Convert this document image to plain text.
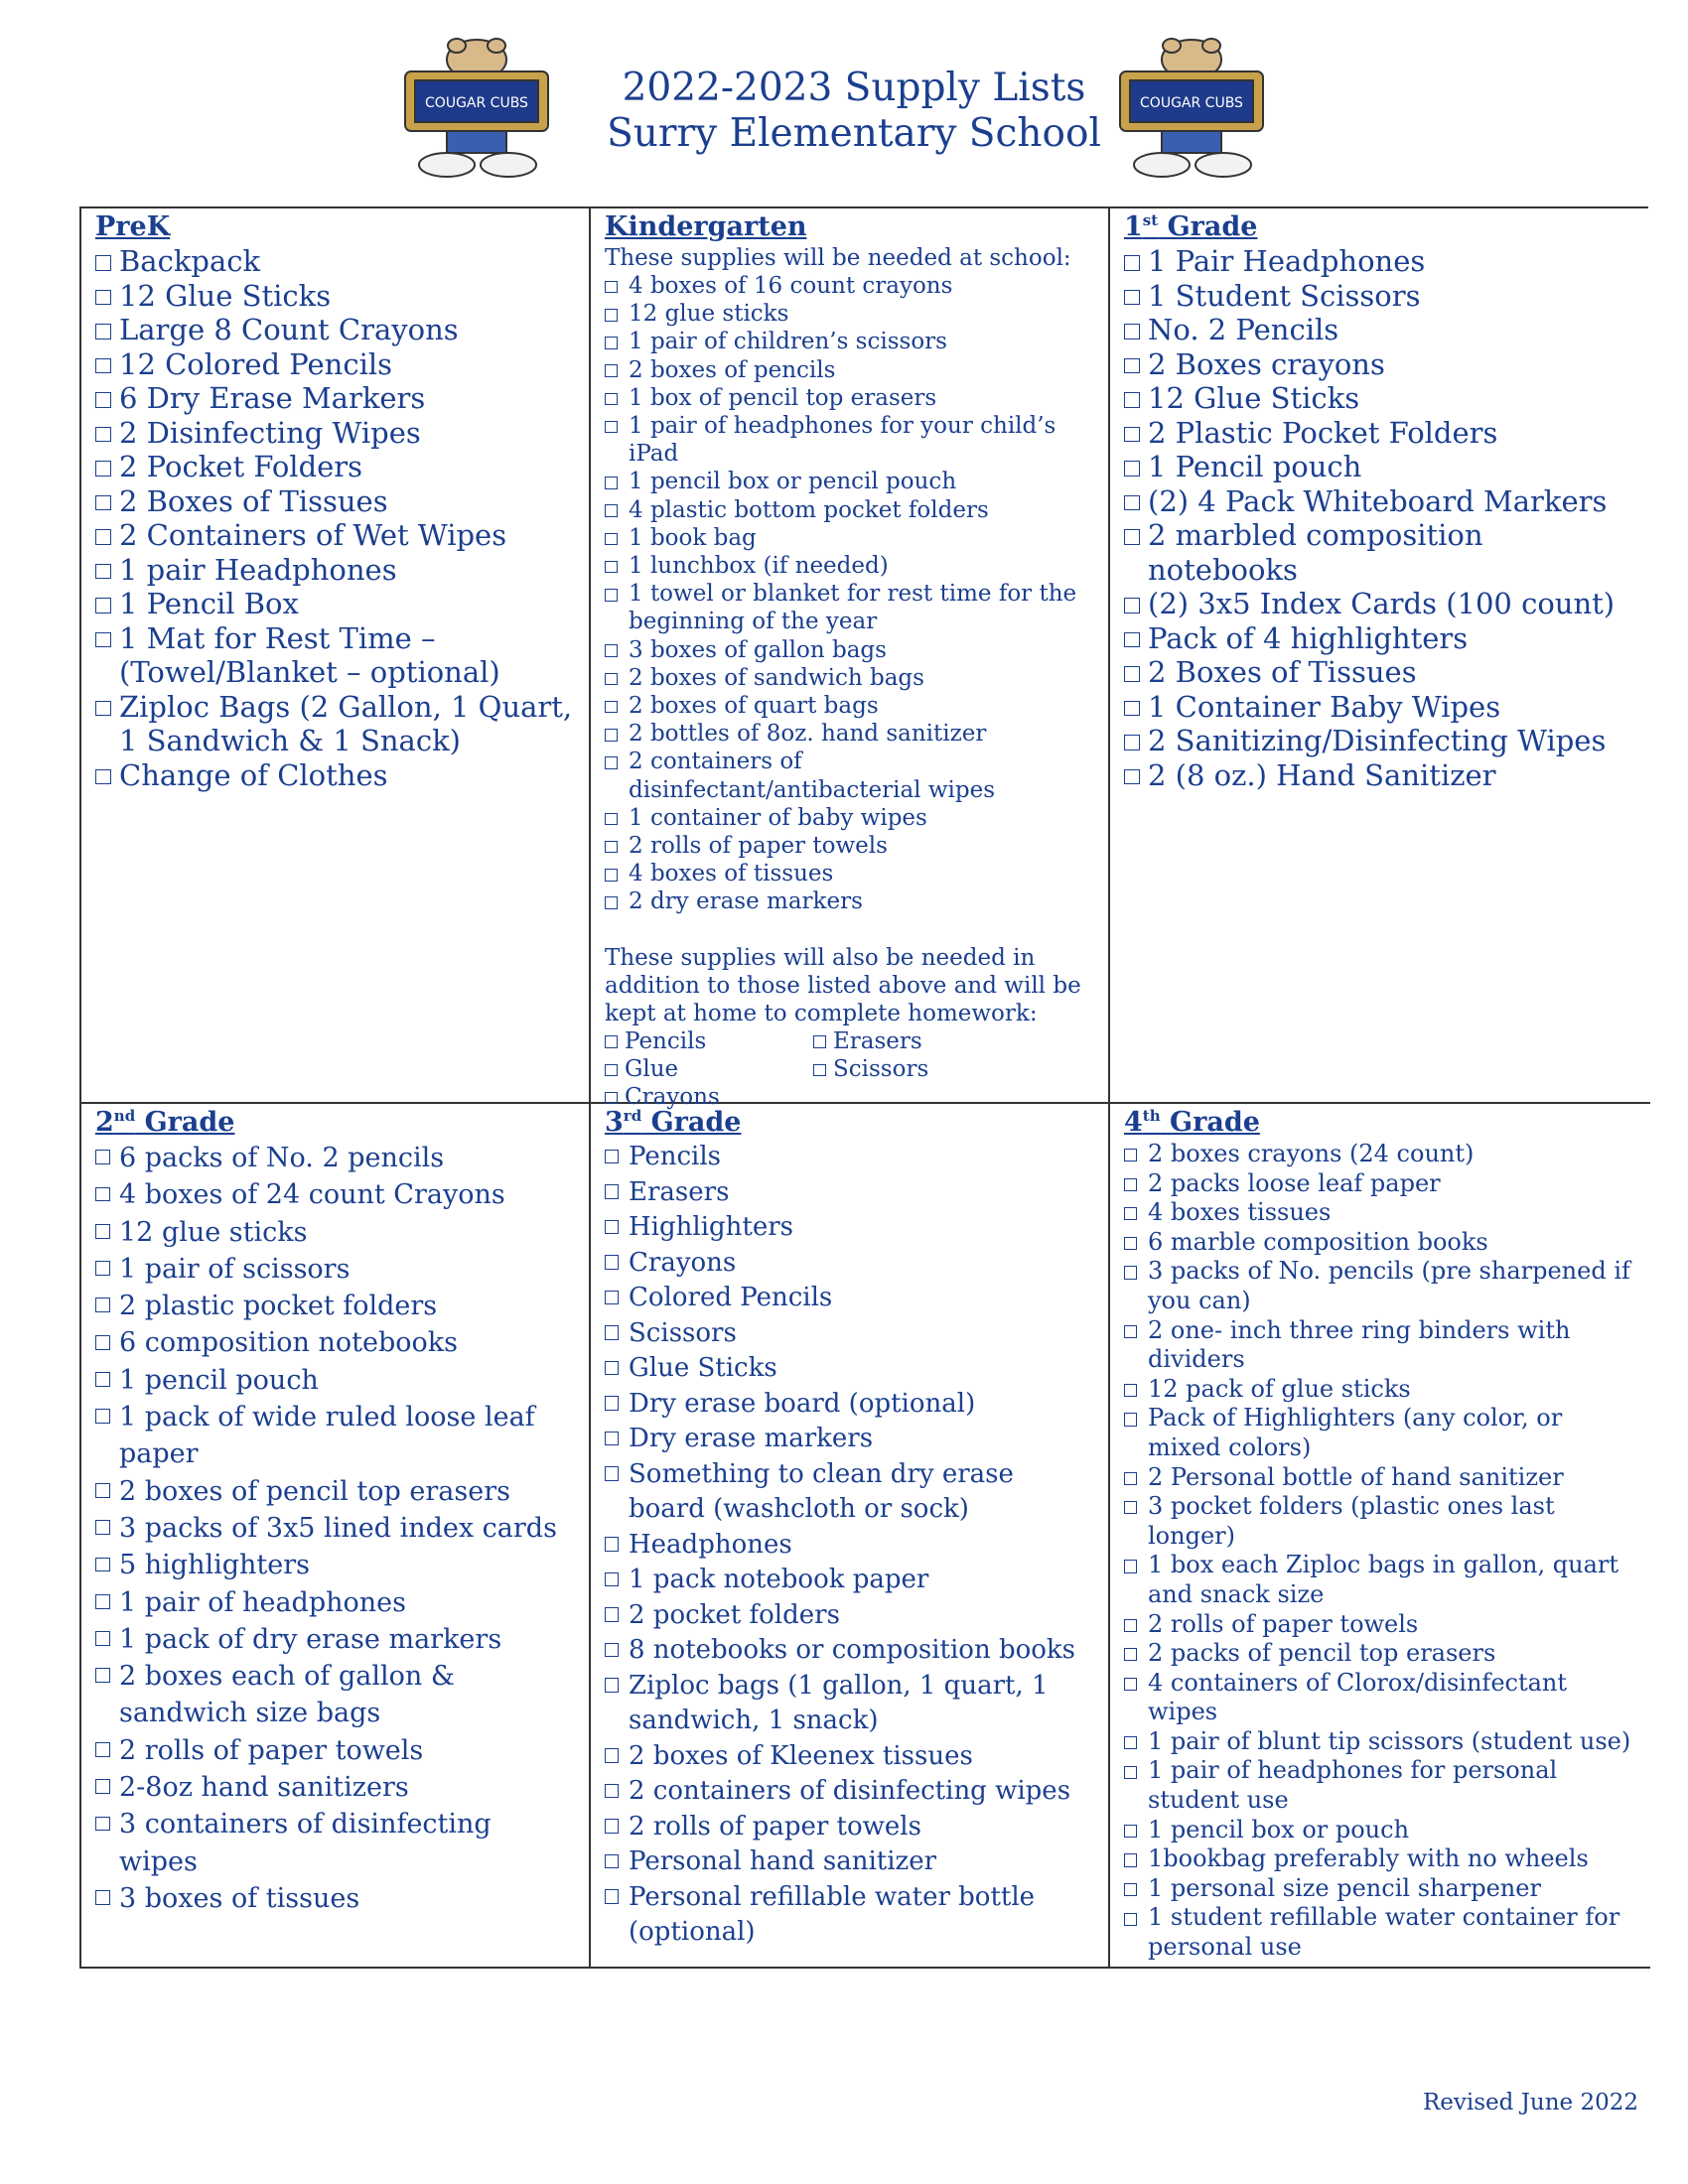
COUGAR CUBS	2022-2023 Supply Lists
Surry Elementary School
COUGAR CUBS
PreK
Backpack
12 Glue Sticks
Large 8 Count Crayons
12 Colored Pencils
6 Dry Erase Markers
2 Disinfecting Wipes
2 Pocket Folders
2 Boxes of Tissues
2 Containers of Wet Wipes
1 pair Headphones
1 Pencil Box
1 Mat for Rest Time – (Towel/Blanket – optional)
Ziploc Bags (2 Gallon, 1 Quart, 1 Sandwich & 1 Snack)
Change of Clothes
Kindergarten
These supplies will be needed at school:
4 boxes of 16 count crayons
12 glue sticks
1 pair of children’s scissors
2 boxes of pencils
1 box of pencil top erasers
1 pair of headphones for your child’s iPad
1 pencil box or pencil pouch
4 plastic bottom pocket folders
1 book bag
1 lunchbox (if needed)
1 towel or blanket for rest time for the beginning of the year
3 boxes of gallon bags
2 boxes of sandwich bags
2 boxes of quart bags
2 bottles of 8oz. hand sanitizer
2 containers of disinfectant/antibacterial wipes
1 container of baby wipes
2 rolls of paper towels
4 boxes of tissues
2 dry erase markers
These supplies will also be needed in addition to those listed above and will be kept at home to complete homework:
Pencils	Erasers
Glue	Scissors
Crayons
1st Grade
1 Pair Headphones
1 Student Scissors
No. 2 Pencils
2 Boxes crayons
12 Glue Sticks
2 Plastic Pocket Folders
1 Pencil pouch
(2) 4 Pack Whiteboard Markers
2 marbled composition notebooks
(2) 3x5 Index Cards (100 count)
Pack of 4 highlighters
2 Boxes of Tissues
1 Container Baby Wipes
2 Sanitizing/Disinfecting Wipes
2 (8 oz.) Hand Sanitizer
2nd Grade
6 packs of No. 2 pencils
4 boxes of 24 count Crayons
12 glue sticks
1 pair of scissors
2 plastic pocket folders
6 composition notebooks
1 pencil pouch
1 pack of wide ruled loose leaf paper
2 boxes of pencil top erasers
3 packs of 3x5 lined index cards
5 highlighters
1 pair of headphones
1 pack of dry erase markers
2 boxes each of gallon & sandwich size bags
2 rolls of paper towels
2-8oz hand sanitizers
3 containers of disinfecting wipes
3 boxes of tissues
3rd Grade
Pencils
Erasers
Highlighters
Crayons
Colored Pencils
Scissors
Glue Sticks
Dry erase board (optional)
Dry erase markers
Something to clean dry erase board (washcloth or sock)
Headphones
1 pack notebook paper
2 pocket folders
8 notebooks or composition books
Ziploc bags (1 gallon, 1 quart, 1 sandwich, 1 snack)
2 boxes of Kleenex tissues
2 containers of disinfecting wipes
2 rolls of paper towels
Personal hand sanitizer
Personal refillable water bottle (optional)
4th Grade
2 boxes crayons (24 count)
2 packs loose leaf paper
4 boxes tissues
6 marble composition books
3 packs of No. pencils (pre sharpened if you can)
2 one- inch three ring binders with dividers
12 pack of glue sticks
Pack of Highlighters (any color, or mixed colors)
2 Personal bottle of hand sanitizer
3 pocket folders (plastic ones last longer)
1 box each Ziploc bags in gallon, quart and snack size
2 rolls of paper towels
2 packs of pencil top erasers
4 containers of Clorox/disinfectant wipes
1 pair of blunt tip scissors (student use)
1 pair of headphones for personal student use
1 pencil box or pouch
1bookbag preferably with no wheels
1 personal size pencil sharpener
1 student refillable water container for personal use
Revised June 2022
